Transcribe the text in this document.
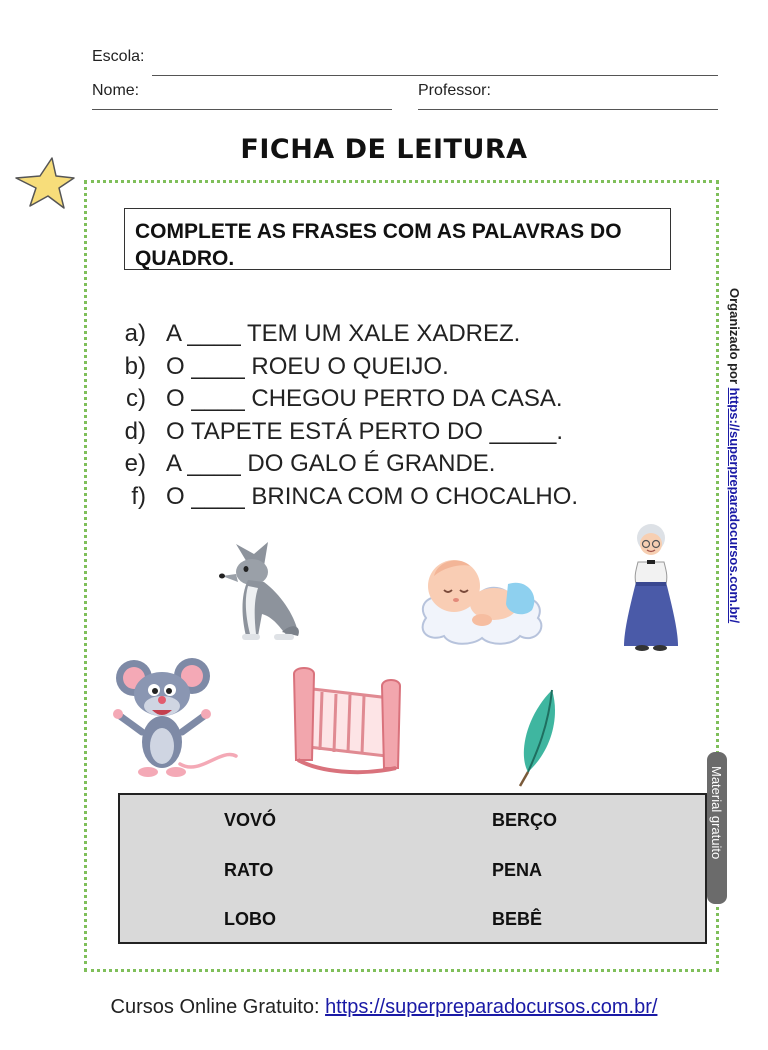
Escola:
Nome:	Professor:
FICHA DE LEITURA
COMPLETE AS FRASES COM AS PALAVRAS DO QUADRO.
a) A ____ TEM UM XALE XADREZ.
b) O ____ ROEU O QUEIJO.
c) O ____ CHEGOU PERTO DA CASA.
d) O TAPETE ESTÁ PERTO DO _____.
e) A ____ DO GALO É GRANDE.
f) O ____ BRINCA COM O CHOCALHO.
Organizado por https://superpreparadocursos.com.br/
Material gratuito
VOVÓ	BERÇO
RATO	PENA
LOBO	BEBÊ
Cursos Online Gratuito: https://superpreparadocursos.com.br/
